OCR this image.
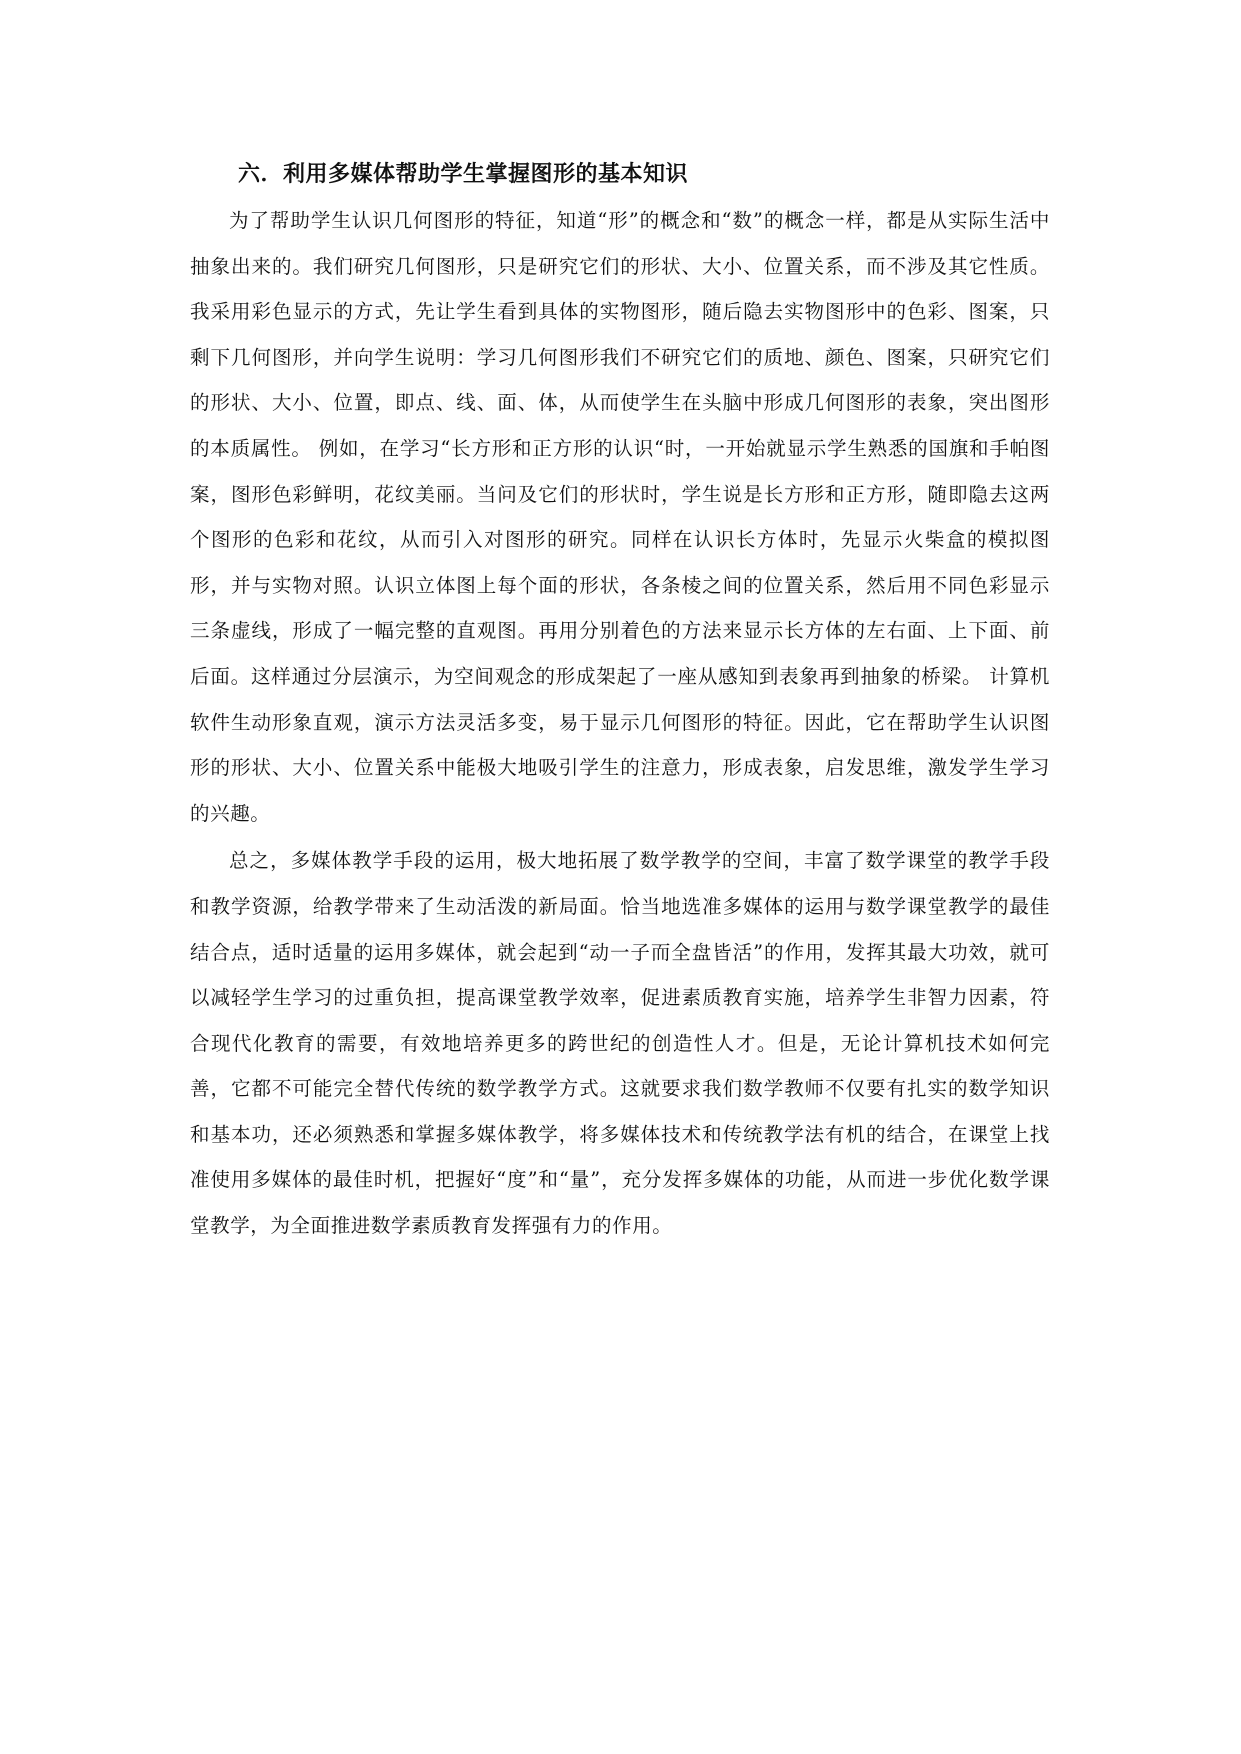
六．利用多媒体帮助学生掌握图形的基本知识

为了帮助学生认识几何图形的特征，知道“形”的概念和“数”的概念一样，都是从实际生活中抽象出来的。我们研究几何图形，只是研究它们的形状、大小、位置关系，而不涉及其它性质。我采用彩色显示的方式，先让学生看到具体的实物图形，随后隐去实物图形中的色彩、图案，只剩下几何图形，并向学生说明：学习几何图形我们不研究它们的质地、颜色、图案，只研究它们的形状、大小、位置，即点、线、面、体，从而使学生在头脑中形成几何图形的表象，突出图形的本质属性。 例如，在学习“长方形和正方形的认识“时，一开始就显示学生熟悉的国旗和手帕图案，图形色彩鲜明，花纹美丽。当问及它们的形状时，学生说是长方形和正方形，随即隐去这两个图形的色彩和花纹，从而引入对图形的研究。同样在认识长方体时，先显示火柴盒的模拟图形，并与实物对照。认识立体图上每个面的形状，各条棱之间的位置关系，然后用不同色彩显示三条虚线，形成了一幅完整的直观图。再用分别着色的方法来显示长方体的左右面、上下面、前后面。这样通过分层演示，为空间观念的形成架起了一座从感知到表象再到抽象的桥梁。 计算机软件生动形象直观，演示方法灵活多变，易于显示几何图形的特征。因此，它在帮助学生认识图形的形状、大小、位置关系中能极大地吸引学生的注意力，形成表象，启发思维，激发学生学习的兴趣。

总之，多媒体教学手段的运用，极大地拓展了数学教学的空间，丰富了数学课堂的教学手段和教学资源，给教学带来了生动活泼的新局面。恰当地选准多媒体的运用与数学课堂教学的最佳结合点，适时适量的运用多媒体，就会起到“动一子而全盘皆活”的作用，发挥其最大功效，就可以减轻学生学习的过重负担，提高课堂教学效率，促进素质教育实施，培养学生非智力因素，符合现代化教育的需要，有效地培养更多的跨世纪的创造性人才。但是，无论计算机技术如何完善，它都不可能完全替代传统的数学教学方式。这就要求我们数学教师不仅要有扎实的数学知识和基本功，还必须熟悉和掌握多媒体教学，将多媒体技术和传统教学法有机的结合，在课堂上找准使用多媒体的最佳时机，把握好“度”和“量”，充分发挥多媒体的功能，从而进一步优化数学课堂教学，为全面推进数学素质教育发挥强有力的作用。
